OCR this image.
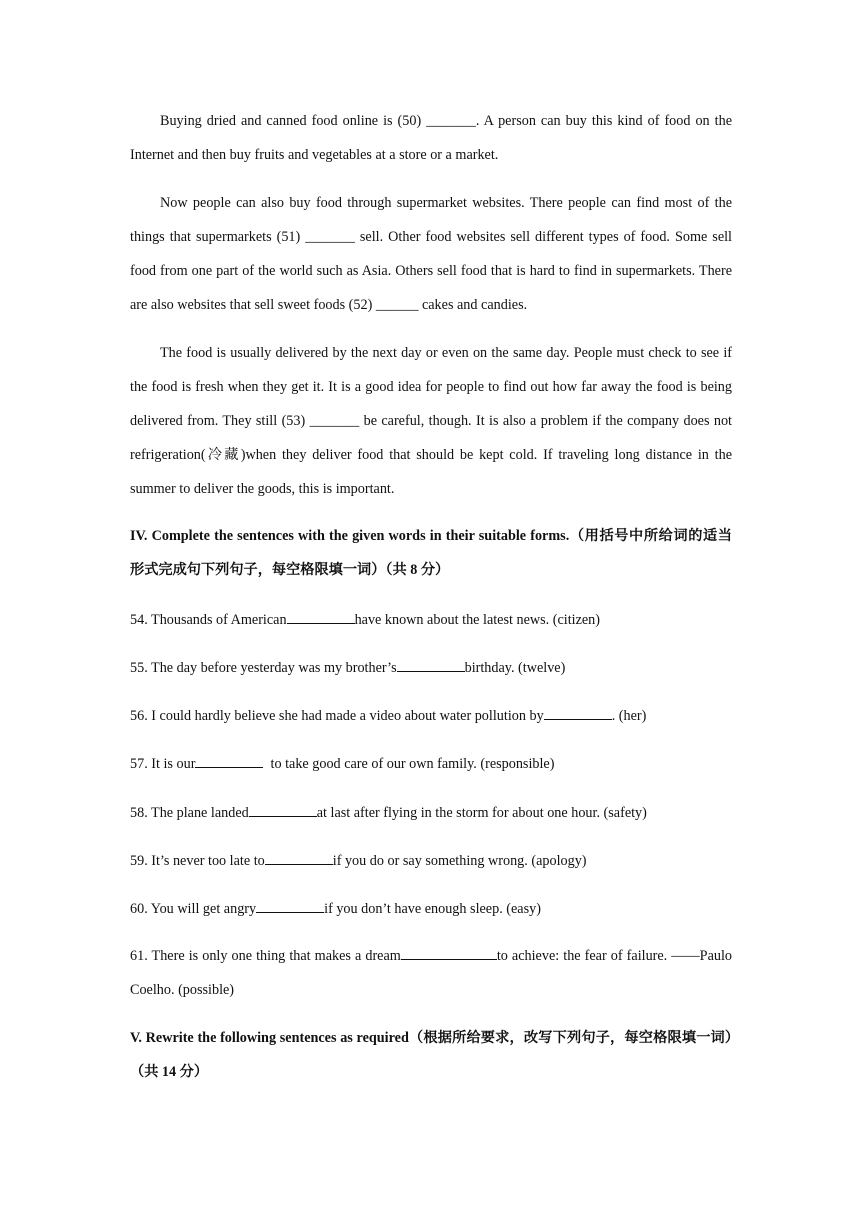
Buying dried and canned food online is (50) _______. A person can buy this kind of food on the Internet and then buy fruits and vegetables at a store or a market.

Now people can also buy food through supermarket websites. There people can find most of the things that supermarkets (51) _______ sell. Other food websites sell different types of food. Some sell food from one part of the world such as Asia. Others sell food that is hard to find in supermarkets. There are also websites that sell sweet foods (52) ______ cakes and candies.

The food is usually delivered by the next day or even on the same day. People must check to see if the food is fresh when they get it. It is a good idea for people to find out how far away the food is being delivered from. They still (53) _______ be careful, though. It is also a problem if the company does not refrigeration(冷藏)when they deliver food that should be kept cold. If traveling long distance in the summer to deliver the goods, this is important.

IV. Complete the sentences with the given words in their suitable forms.（用括号中所给词的适当形式完成句下列句子，每空格限填一词）（共 8 分）

54. Thousands of American	have known about the latest news. (citizen)

55. The day before yesterday was my brother’s	birthday. (twelve)

56. I could hardly believe she had made a video about water pollution by	. (her)

57. It is our	to take good care of our own family. (responsible)

58. The plane landed	at last after flying in the storm for about one hour. (safety)

59. It’s never too late to	if you do or say something wrong. (apology)

60. You will get angry	if you don’t have enough sleep. (easy)

61. There is only one thing that makes a dream	to achieve: the fear of failure. ——Paulo Coelho. (possible)

V. Rewrite the following sentences as required（根据所给要求，改写下列句子，每空格限填一词）（共 14 分）
